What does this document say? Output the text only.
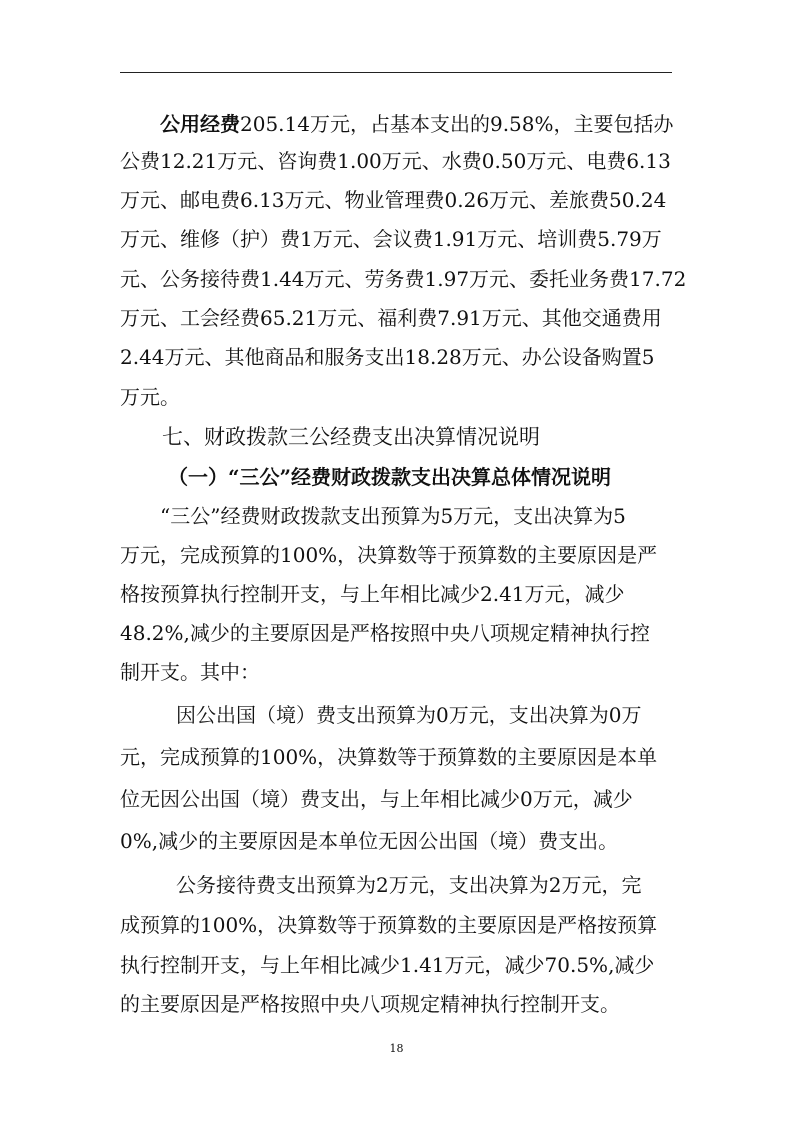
公用经费205.14万元，占基本支出的9.58%，主要包括办
公费12.21万元、咨询费1.00万元、水费0.50万元、电费6.13
万元、邮电费6.13万元、物业管理费0.26万元、差旅费50.24
万元、维修（护）费1万元、会议费1.91万元、培训费5.79万
元、公务接待费1.44万元、劳务费1.97万元、委托业务费17.72
万元、工会经费65.21万元、福利费7.91万元、其他交通费用
2.44万元、其他商品和服务支出18.28万元、办公设备购置5
万元。
七、财政拨款三公经费支出决算情况说明
（一）“三公”经费财政拨款支出决算总体情况说明
“三公”经费财政拨款支出预算为5万元，支出决算为5
万元，完成预算的100%，决算数等于预算数的主要原因是严
格按预算执行控制开支，与上年相比减少2.41万元，减少
48.2%,减少的主要原因是严格按照中央八项规定精神执行控
制开支。其中：
因公出国（境）费支出预算为0万元，支出决算为0万
元，完成预算的100%，决算数等于预算数的主要原因是本单
位无因公出国（境）费支出，与上年相比减少0万元，减少
0%,减少的主要原因是本单位无因公出国（境）费支出。
公务接待费支出预算为2万元，支出决算为2万元，完
成预算的100%，决算数等于预算数的主要原因是严格按预算
执行控制开支，与上年相比减少1.41万元，减少70.5%,减少
的主要原因是严格按照中央八项规定精神执行控制开支。
18
